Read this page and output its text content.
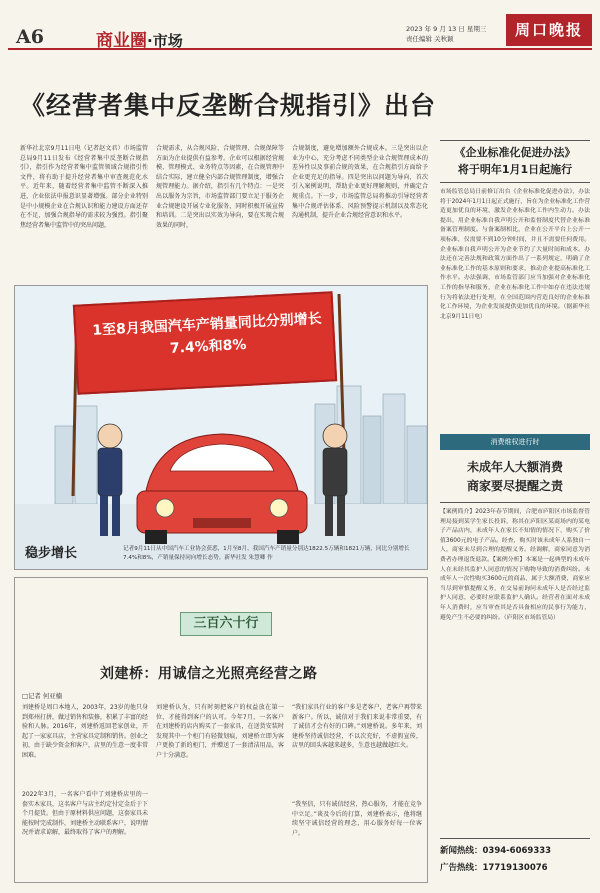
A6	商业圈·市场
2023 年 9 月 13 日 星期三
责任编辑 关秋颖	周口晚报
《经营者集中反垄断合规指引》出台
新华社北京9月11日电（记者赵文君）市场监管总局9月11日发布《经营者集中反垄断合规指引》，指引作为经营者集中监管领域合规指引性文件，将有助于提升经营者集中审查规范化水平。近年来，随着经营者集中监管不断深入推进，企业依法申报意识显著增强。部分企业特别是中小规模企业在合规认识和能力建设方面还存在不足，加强合规指导的需求较为强烈。指引聚焦经营者集中监管中的突出问题，
合规需求，从合规风险、合规管理、合规保障等方面为企业提供有益参考。企业可以根据经营规模、管理模式、业务特点等因素，在合规管理中结合实际，建立健全内部合规管理制度，增强合规管理能力。据介绍，指引有几个特点：一是突出以服务为宗旨，市场监管部门要立足于服务企业合规建设开展专业化服务，同时积极开展宣传和培训。二是突出以实效为导向，要在实现合规效果的同时，
合规制度，避免增加额外合规成本。三是突出以企业为中心，充分考虑不同类型企业合规管理成本的差异性以及事前合规的效果，在合规指引方面给予企业更充足的指导。四是突出以问题为导向，首次引入案例说明，帮助企业更好理解规则，并确定合规重点。下一步，市场监管总局将推动引导经营者集中合规评估体系、风险预警提示机制以及常态化沟通机制，提升企业合规经营意识和水平。
1至8月我国汽车产销量同比分别增长7.4%和8%
稳步增长	记者9月11日从中国汽车工业协会获悉，1月至8月，我国汽车产销量分别达1822.5万辆和1821万辆，同比分别增长7.4%和8%，产销量保持同向增长态势。新华社发 朱慧卿 作
《企业标准化促进办法》
将于明年1月1日起施行
市场监管总局日前修订出台《企业标准化促进办法》，办法将于2024年1月1日起正式施行，旨在为企业标准化工作营造更加优良的环境，激发企业标准化工作内生动力。办法提出，用企业标准自我声明公开和监督制度代替企业标准备案管理制度。与备案制相比，企业在公开平台上公开一项标准，仅需要不到10分钟时间，并且不需要任何费用。企业标准自我声明公开为企业节约了大量时间和成本。办法还在完善法规和政策方面作出了一系列规定，明确了企业标准化工作的基本原则和要求，推动企业提高标准化工作水平。办法强调，市场监管部门应当加强对企业标准化工作的指导和服务，企业在标准化工作中如存在违法违规行为将依法进行处理，在全国范围内营造良好的企业标准化工作环境，为企业发展提供更加优良的环境。（据新华社北京9月11日电）
消费维权进行时
未成年人大额消费
商家要尽提醒之责
【案例简介】2023年春节期间，合肥市庐阳区市场监督管理局接到某学生家长投诉，称其在庐阳区某商场内的某电子产品店内，未成年人在家长不知情的情况下，购买了价值3600元的电子产品。经查，购买时该未成年人系独自一人，商家未尽到合理的提醒义务。经调解，商家同意为消费者办理退货退款。【案例分析】本案是一起典型的未成年人在未经其监护人同意的情况下购物导致的消费纠纷。未成年人一次性购买3600元的商品，属于大额消费，商家应当尽到审慎提醒义务，在交易前询问未成年人是否经过监护人同意，必要时应联系监护人确认。经营者在面对未成年人消费时，应当审查其是否具备相应的民事行为能力，避免产生不必要的纠纷。（庐阳区市场监管局）
新闻热线：0394-6069333
广告热线：17719130076
三百六十行
刘建桥：用诚信之光照亮经营之路
□记者 何亚楠
刘建桥是周口本地人，2003年，23岁的他只身到郑州打拼，做过销售和装修，积累了丰富的经验和人脉。2016年，刘建桥返回老家创业，开起了一家家具店，主营家具定制和销售。创业之初，由于缺少资金和客户，店里的生意一度非常困难。
2022年3月，一名客户看中了刘建桥店里的一套实木家具，这名客户与店主约定付定金后于下个月提货。但由于原材料供应问题，这套家具未能按时完成制作，刘建桥主动联系客户，说明情况并请求谅解，最终取得了客户的理解。
刘建桥认为，只有时刻把客户的权益放在第一位，才能得到客户的认可。今年7月，一名客户在刘建桥的店内购买了一套家具，在送货安装时发现其中一个柜门有轻微划痕，刘建桥立即为客户更换了新的柜门，并赠送了一套清洁用品，客户十分满意。
“我们家具行业的客户多是老客户，老客户再带来新客户。所以，诚信对于我们来说非常重要，有了诚信才会有好的口碑。”刘建桥说。多年来，刘建桥坚持诚信经营，不以次充好，不虚假宣传，店里的回头客越来越多，生意也越做越红火。
“我坚信，只有诚信经营，热心服务，才能在竞争中立足。”谈及今后的打算，刘建桥表示，他将继续坚守诚信经营的理念，用心服务好每一位客户。
